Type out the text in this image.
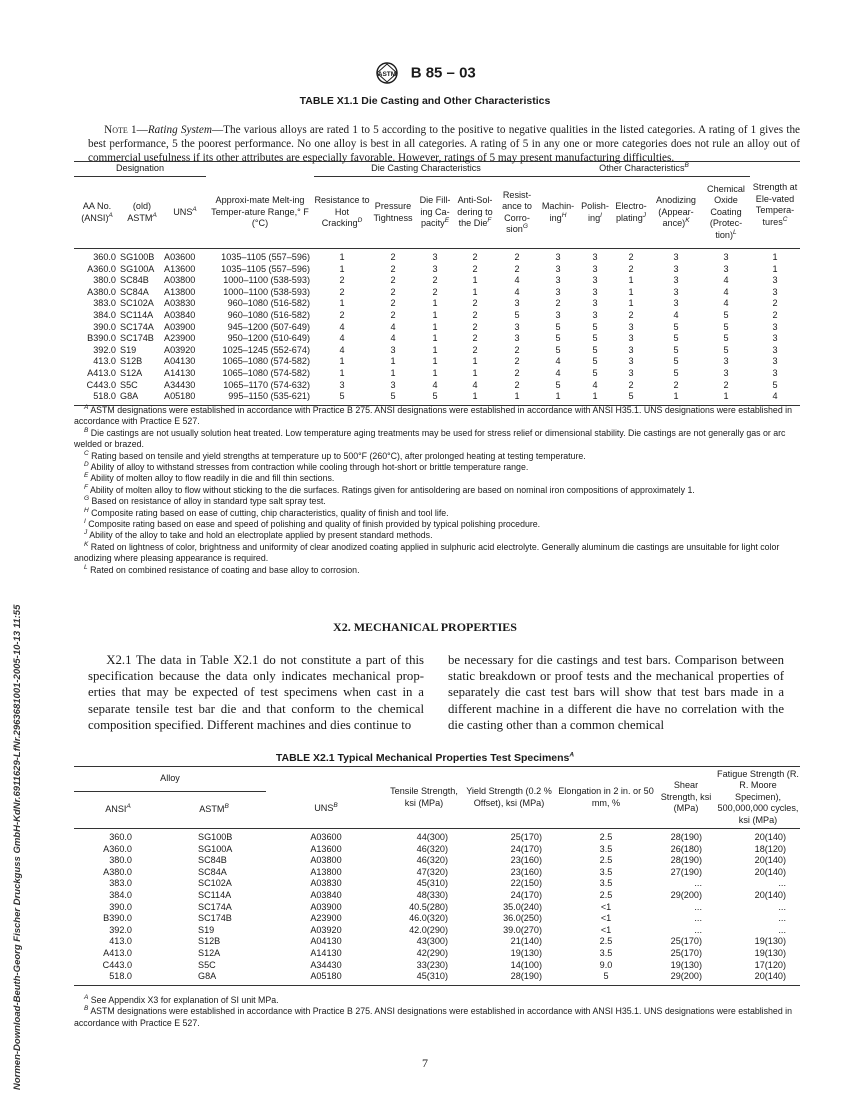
ASTM B 85 – 03
TABLE X1.1 Die Casting and Other Characteristics
Note 1—Rating System—The various alloys are rated 1 to 5 according to the positive to negative qualities in the listed categories. A rating of 1 gives the best performance, 5 the poorest performance. No one alloy is best in all categories. A rating of 5 in any one or more categories does not rule an alloy out of commercial usefulness if its other attributes are especially favorable. However, ratings of 5 may present manufacturing difficulties.
Designation				Die Casting Characteristics					Other Characteristics$^B$					Strength at Ele-vated Tempera-tures$^C$
AA No. (ANSI)$^A$	(old) $ASTM^A$	$UNS^A$	Approxi-mate Melt-ing Temper-ature Range,° F (°C)	Resistance to Hot Cracking$^D$	Pressure Tightness	Die Fill-ing Ca-pacity$^E$	Anti-Sol-dering to the Die$^F$	Resist-ance to Corro-sion$^G$	Machin-ing$^H$	Polish-ing$^I$	Electro-plating$^J$	Anodizing (Appear-ance)$^K$	Chemical Oxide Coating (Protec-tion)$^L$
360.0	SG100B	A03600	1035–1105 (557–596)	1	2	3	2	2	3	3	2	3	3	1
A360.0	SG100A	A13600	1035–1105 (557–596)	1	2	3	2	2	3	3	2	3	3	1
380.0	SC84B	A03800	1000–1100 (538-593)	2	2	2	1	4	3	3	1	3	4	3
A380.0	SC84A	A13800	1000–1100 (538-593)	2	2	2	1	4	3	3	1	3	4	3
383.0	SC102A	A03830	960–1080 (516-582)	1	2	1	2	3	2	3	1	3	4	2
384.0	SC114A	A03840	960–1080 (516-582)	2	2	1	2	5	3	3	2	4	5	2
390.0	SC174A	A03900	945–1200 (507-649)	4	4	1	2	3	5	5	3	5	5	3
B390.0	SC174B	A23900	950–1200 (510-649)	4	4	1	2	3	5	5	3	5	5	3
392.0	S19	A03920	1025–1245 (552-674)	4	3	1	2	2	5	5	3	5	5	3
413.0	S12B	A04130	1065–1080 (574-582)	1	1	1	1	2	4	5	3	5	3	3
A413.0	S12A	A14130	1065–1080 (574-582)	1	1	1	1	2	4	5	3	5	3	3
C443.0	S5C	A34430	1065–1170 (574-632)	3	3	4	4	2	5	4	2	2	2	5
518.0	G8A	A05180	995–1150 (535-621)	5	5	5	1	1	1	1	5	1	1	4
$^A$ ASTM designations were established in accordance with Practice B 275. ANSI designations were established in accordance with ANSI H35.1. UNS designations were established in accordance with Practice E 527.
$^B$ Die castings are not usually solution heat treated. Low temperature aging treatments may be used for stress relief or dimensional stability. Die castings are not generally gas or arc welded or brazed.
$^C$ Rating based on tensile and yield strengths at temperature up to 500°F (260°C), after prolonged heating at testing temperature.
$^D$ Ability of alloy to withstand stresses from contraction while cooling through hot-short or brittle temperature range.
$^E$ Ability of molten alloy to flow readily in die and fill thin sections.
$^F$ Ability of molten alloy to flow without sticking to the die surfaces. Ratings given for antisoldering are based on nominal iron compositions of approximately 1.
$^G$ Based on resistance of alloy in standard type salt spray test.
$^H$ Composite rating based on ease of cutting, chip characteristics, quality of finish and tool life.
$^I$ Composite rating based on ease and speed of polishing and quality of finish provided by typical polishing procedure.
$^J$ Ability of the alloy to take and hold an electroplate applied by present standard methods.
$^K$ Rated on lightness of color, brightness and uniformity of clear anodized coating applied in sulphuric acid electrolyte. Generally aluminum die castings are unsuitable for light color anodizing where pleasing appearance is required.
$^L$ Rated on combined resistance of coating and base alloy to corrosion.
X2. MECHANICAL PROPERTIES
X2.1 The data in Table X2.1 do not constitute a part of this specification because the data only indicates mechanical prop-erties that may be expected of test specimens when cast in a separate tensile test bar die and that conform to the chemical composition specified. Different machines and dies continue to
be necessary for die castings and test bars. Comparison between static breakdown or proof tests and the mechanical properties of separately die cast test bars will show that test bars made in a different machine in a different die have no correlation with the die casting other than a common chemical
TABLE X2.1 Typical Mechanical Properties Test Specimens$^A$
Alloy		$UNS^B$	Tensile Strength, ksi (MPa)	Yield Strength (0.2 % Offset), ksi (MPa)	Elongation in 2 in. or 50 mm, %	Shear Strength, ksi (MPa)	Fatigue Strength (R. R. Moore Specimen), 500,000,000 cycles, ksi (MPa)
$ANSI^A$	$ASTM^B$
360.0	SG100B	A03600	44(300)	25(170)	2.5	28(190)	20(140)
A360.0	SG100A	A13600	46(320)	24(170)	3.5	26(180)	18(120)
380.0	SC84B	A03800	46(320)	23(160)	2.5	28(190)	20(140)
A380.0	SC84A	A13800	47(320)	23(160)	3.5	27(190)	20(140)
383.0	SC102A	A03830	45(310)	22(150)	3.5	...	...
384.0	SC114A	A03840	48(330)	24(170)	2.5	29(200)	20(140)
390.0	SC174A	A03900	40.5(280)	35.0(240)	<1	...	...
B390.0	SC174B	A23900	46.0(320)	36.0(250)	<1	...	...
392.0	S19	A03920	42.0(290)	39.0(270)	<1	...	...
413.0	S12B	A04130	43(300)	21(140)	2.5	25(170)	19(130)
A413.0	S12A	A14130	42(290)	19(130)	3.5	25(170)	19(130)
C443.0	S5C	A34430	33(230)	14(100)	9.0	19(130)	17(120)
518.0	G8A	A05180	45(310)	28(190)	5	29(200)	20(140)
$^A$ See Appendix X3 for explanation of SI unit MPa.
$^B$ ASTM designations were established in accordance with Practice B 275. ANSI designations were established in accordance with ANSI H35.1. UNS designations were established in accordance with Practice E 527.
7
Normen-Download-Beuth-Georg Fischer Druckguss GmbH-KdNr.6911629-LfNr.2963681001-2005-10-13 11:55
